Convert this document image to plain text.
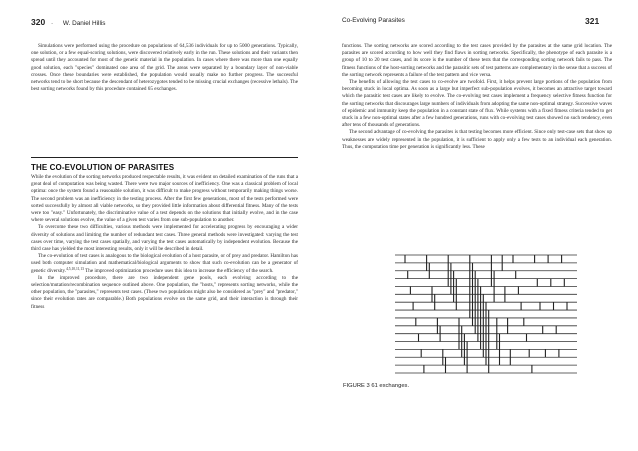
320 · W. Daniel Hillis

Simulations were performed using the procedure on populations of 64,536 individuals for up to 5000 generations. Typically, one solution, or a few equal-scoring solutions, were discovered relatively early in the run. These solutions and their variants then spread until they accounted for most of the genetic material in the population. In cases where there was more than one equally good solution, each "species" dominated one area of the grid. The areas were separated by a boundary layer of non-viable crosses. Once these boundaries were established, the population would usually make no further progress. The successful networks tend to be short because the descendant of heterozygotes tended to be missing crucial exchanges (recessive lethals). The best sorting networks found by this procedure contained 65 exchanges.

THE CO-EVOLUTION OF PARASITES

While the evolution of the sorting networks produced respectable results, it was evident on detailed examination of the runs that a great deal of computation was being wasted. There were two major sources of inefficiency. One was a classical problem of local optima: once the system found a reasonable solution, it was difficult to make progress without temporarily making things worse. The second problem was an inefficiency in the testing process. After the first few generations, most of the tests performed were sorted successfully by almost all viable networks, so they provided little information about differential fitness. Many of the tests were too "easy." Unfortunately, the discriminative value of a test depends on the solutions that initially evolve, and in the case where several solutions evolve, the value of a given test varies from one sub-population to another.

To overcome these two difficulties, various methods were implemented for accelerating progress by encouraging a wider diversity of solutions and limiting the number of redundant test cases. Three general methods were investigated: varying the test cases over time, varying the test cases spatially, and varying the test cases automatically by independent evolution. Because the third case has yielded the most interesting results, only it will be described in detail.

The co-evolution of test cases is analogous to the biological evolution of a host parasite, or of prey and predator. Hamilton has used both computer simulation and mathematical/biological arguments to show that such co-evolution can be a generator of genetic diversity.$^{4,5,10,11,13}$ The improved optimization procedure uses this idea to increase the efficiency of the search.

In the improved procedure, there are two independent gene pools, each evolving according to the selection/mutation/recombination sequence outlined above. One population, the "hosts," represents sorting networks, while the other population, the "parasites," represents test cases. (These two populations might also be considered as "prey" and "predator," since their evolution rates are comparable.) Both populations evolve on the same grid, and their interaction is through their fitness

Co-Evolving Parasites	321

functions. The sorting networks are scored according to the test cases provided by the parasites at the same grid location. The parasites are scored according to how well they find flaws in sorting networks. Specifically, the phenotype of each parasite is a group of 10 to 20 test cases, and its score is the number of these tests that the corresponding sorting network fails to pass. The fitness functions of the host-sorting networks and the parasitic sets of test patterns are complementary in the sense that a success of the sorting network represents a failure of the test pattern and vice versa.

The benefits of allowing the test cases to co-evolve are twofold. First, it helps prevent large portions of the population from becoming stuck in local optima. As soon as a large but imperfect sub-population evolves, it becomes an attractive target toward which the parasitic test cases are likely to evolve. The co-evolving test cases implement a frequency selective fitness function for the sorting networks that discourages large numbers of individuals from adopting the same non-optimal strategy. Successive waves of epidemic and immunity keep the population in a constant state of flux. While systems with a fixed fitness criteria tended to get stuck in a few non-optimal states after a few hundred generations, runs with co-evolving test cases showed no such tendency, even after tens of thousands of generations.

The second advantage of co-evolving the parasites is that testing becomes more efficient. Since only test-case sets that show up weaknesses are widely represented in the population, it is sufficient to apply only a few tests to an individual each generation. Thus, the computation time per generation is significantly less. These

FIGURE 3 61 exchanges.
